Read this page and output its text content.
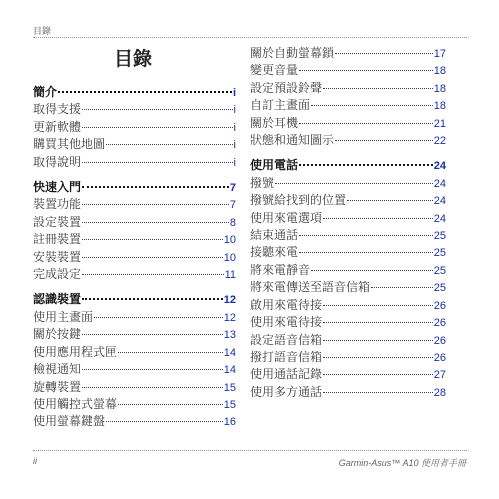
目錄
目錄
簡介	i
取得支援	i
更新軟體	i
購買其他地圖	i
取得說明	i
快速入門	7
裝置功能	7
設定裝置	8
註冊裝置	10
安裝裝置	10
完成設定	11
認識裝置	12
使用主畫面	12
關於按鍵	13
使用應用程式匣	14
檢視通知	14
旋轉裝置	15
使用觸控式螢幕	15
使用螢幕鍵盤	16
關於自動螢幕鎖	17
變更音量	18
設定預設鈴聲	18
自訂主畫面	18
關於耳機	21
狀態和通知圖示	22
使用電話	24
撥號	24
撥號給找到的位置	24
使用來電選項	24
結束通話	25
接聽來電	25
將來電靜音	25
將來電傳送至語音信箱	25
啟用來電待接	26
使用來電待接	26
設定語音信箱	26
撥打語音信箱	26
使用通話記錄	27
使用多方通話	28
ii	Garmin-Asus™ A10 使用者手冊
